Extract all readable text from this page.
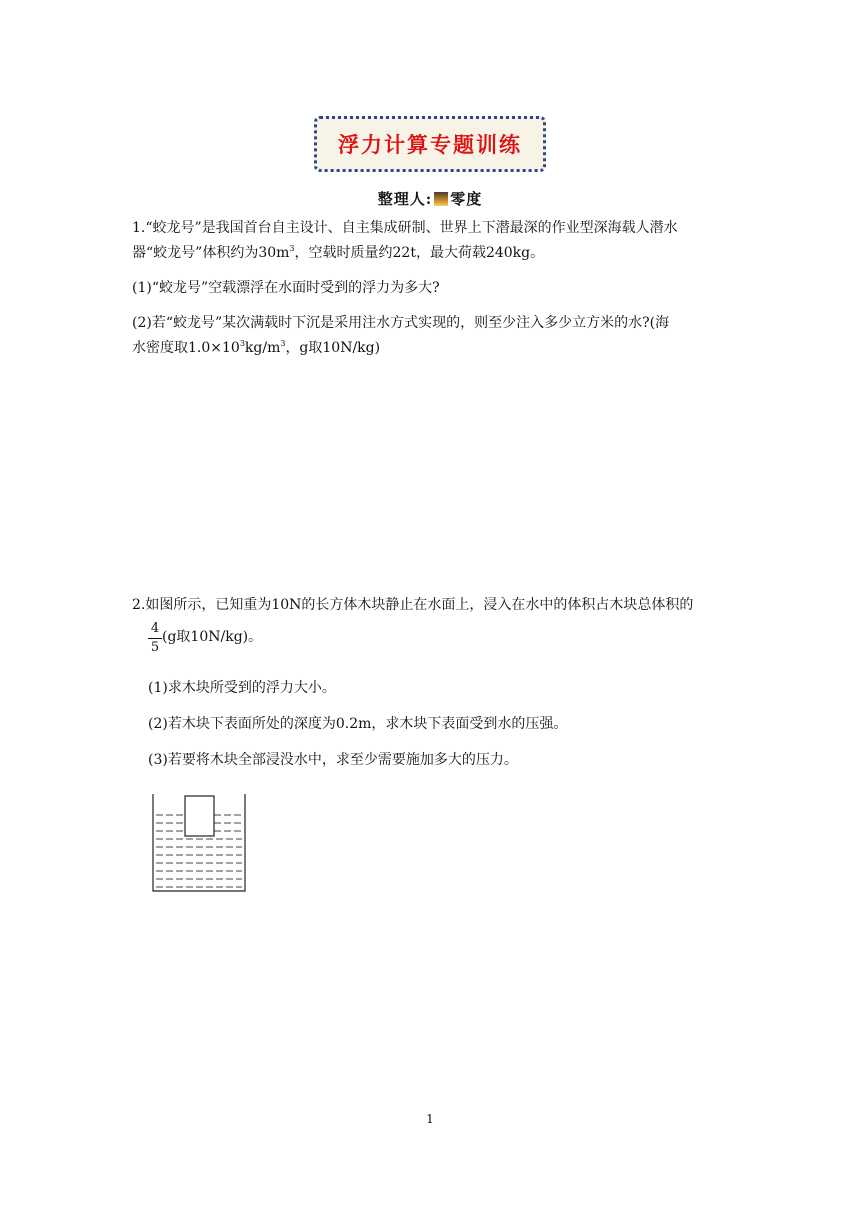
浮力计算专题训练
整理人: 零度
1.“蛟龙号”是我国首台自主设计、自主集成研制、世界上下潜最深的作业型深海载人潜水
器“蛟龙号”体积约为$30m^3$，空载时质量约22t，最大荷载240kg。
(1)“蛟龙号”空载漂浮在水面时受到的浮力为多大?
(2)若“蛟龙号”某次满载时下沉是采用注水方式实现的，则至少注入多少立方米的水?(海
水密度取$1.0\times 10^3kg/m^3$，g取10N/kg)
2.如图所示，已知重为10N的长方体木块静止在水面上，浸入在水中的体积占木块总体积的
4
5
(g取10N/kg)。
(1)求木块所受到的浮力大小。
(2)若木块下表面所处的深度为0.2m，求木块下表面受到水的压强。
(3)若要将木块全部浸没水中，求至少需要施加多大的压力。
1
